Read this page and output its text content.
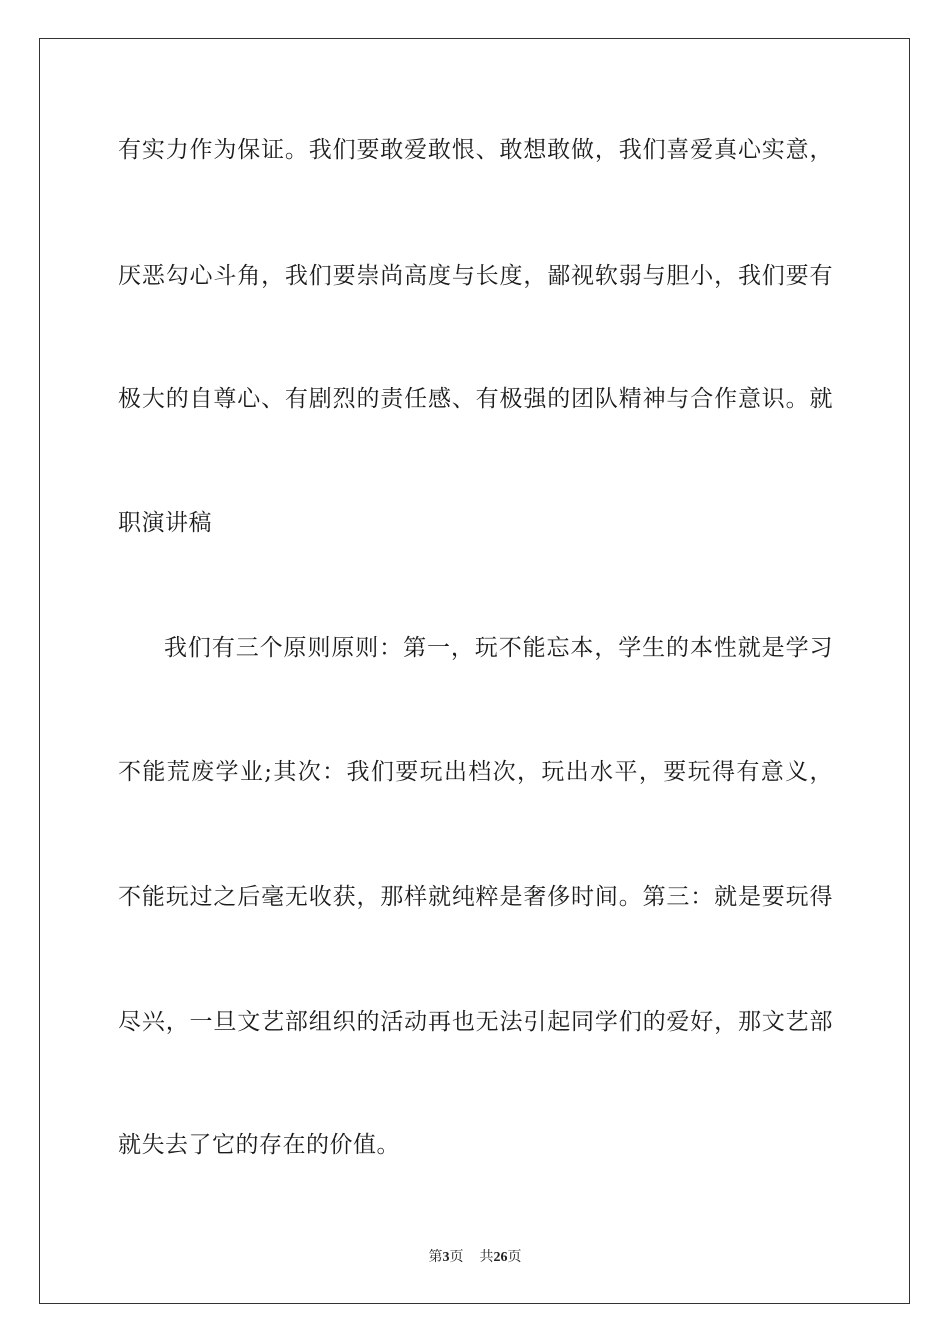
有实力作为保证。我们要敢爱敢恨、敢想敢做，我们喜爱真心实意，
厌恶勾心斗角，我们要崇尚高度与长度，鄙视软弱与胆小，我们要有
极大的自尊心、有剧烈的责任感、有极强的团队精神与合作意识。就
职演讲稿
我们有三个原则原则：第一，玩不能忘本，学生的本性就是学习
不能荒废学业;其次：我们要玩出档次，玩出水平，要玩得有意义，
不能玩过之后毫无收获，那样就纯粹是奢侈时间。第三：就是要玩得
尽兴，一旦文艺部组织的活动再也无法引起同学们的爱好，那文艺部
就失去了它的存在的价值。
第3页 共26页
